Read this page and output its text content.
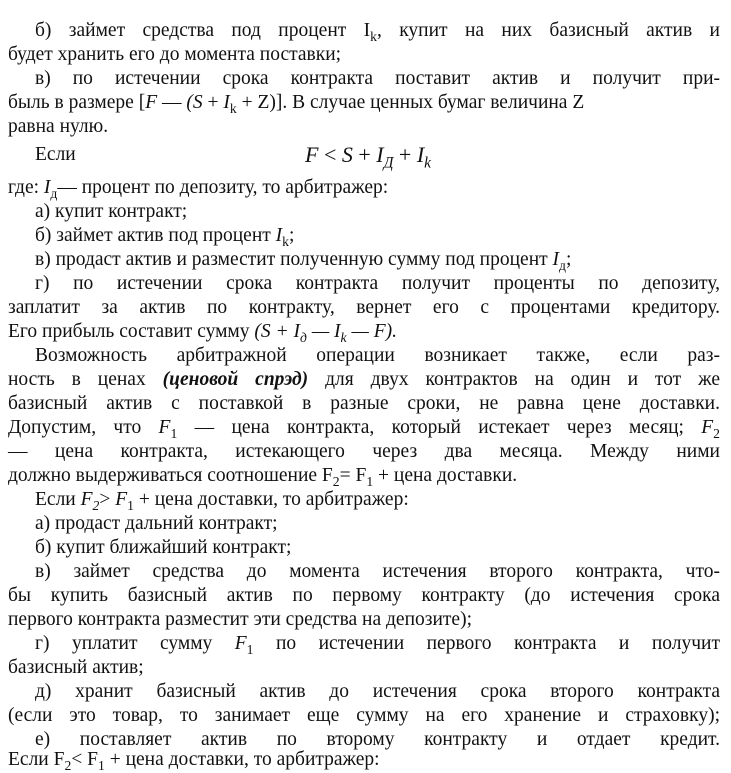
б) займет средства под процент $I_k$, купит на них базисный актив и
будет хранить его до момента поставки;
в) по истечении срока контракта поставит актив и получит при-
быль в размере [F — $(S + I_k + Z)$]. В случае ценных бумаг величина Z
равна нулю.
Если	$F < S + I_Д + I_k$
где: $I_д—$ процент по депозиту, то арбитражер:
а) купит контракт;
б) займет актив под процент $I_k$;
в) продаст актив и разместит полученную сумму под процент $I_д$;
г) по истечении срока контракта получит проценты по депозиту,
заплатит за актив по контракту, вернет его с процентами кредитору.
Его прибыль составит сумму ($S + I_д$ — $I_k$ — F).
Возможность арбитражной операции возникает также, если раз-
ность в ценах (ценовой спрэд) для двух контрактов на один и тот же
базисный актив с поставкой в разные сроки, не равна цене доставки.
Допустим, что $F_1$ — цена контракта, который истекает через месяц; $F_2$
— цена контракта, истекающего через два месяца. Между ними
должно выдерживаться соотношение $F_2= F_1$ + цена доставки.
Если $F_2> F_1$ + цена доставки, то арбитражер:
а) продаст дальний контракт;
б) купит ближайший контракт;
в) займет средства до момента истечения второго контракта, что-
бы купить базисный актив по первому контракту (до истечения срока
первого контракта разместит эти средства на депозите);
г) уплатит сумму $F_1$ по истечении первого контракта и получит
базисный актив;
д) хранит базисный актив до истечения срока второго контракта
(если это товар, то занимает еще сумму на его хранение и страховку);
е) поставляет актив по второму контракту и отдает кредит.
Если $F_2< F_1$ + цена доставки, то арбитражер:
